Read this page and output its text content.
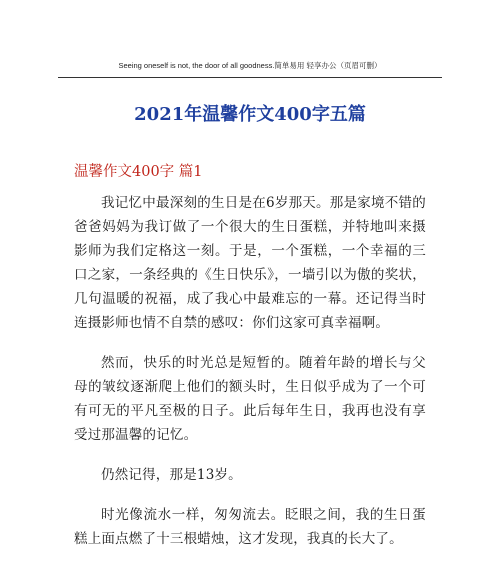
Seeing oneself is not, the door of all goodness.简单易用 轻享办公（页眉可删）
2021年温馨作文400字五篇
温馨作文400字 篇1

我记忆中最深刻的生日是在6岁那天。那是家境不错的爸爸妈妈为我订做了一个很大的生日蛋糕，并特地叫来摄影师为我们定格这一刻。于是，一个蛋糕，一个幸福的三口之家，一条经典的《生日快乐》，一墙引以为傲的奖状，几句温暖的祝福，成了我心中最难忘的一幕。还记得当时连摄影师也情不自禁的感叹：你们这家可真幸福啊。

然而，快乐的时光总是短暂的。随着年龄的增长与父母的皱纹逐渐爬上他们的额头时，生日似乎成为了一个可有可无的平凡至极的日子。此后每年生日，我再也没有享受过那温馨的记忆。

仍然记得，那是13岁。

时光像流水一样，匆匆流去。眨眼之间，我的生日蛋糕上面点燃了十三根蜡烛，这才发现，我真的长大了。
